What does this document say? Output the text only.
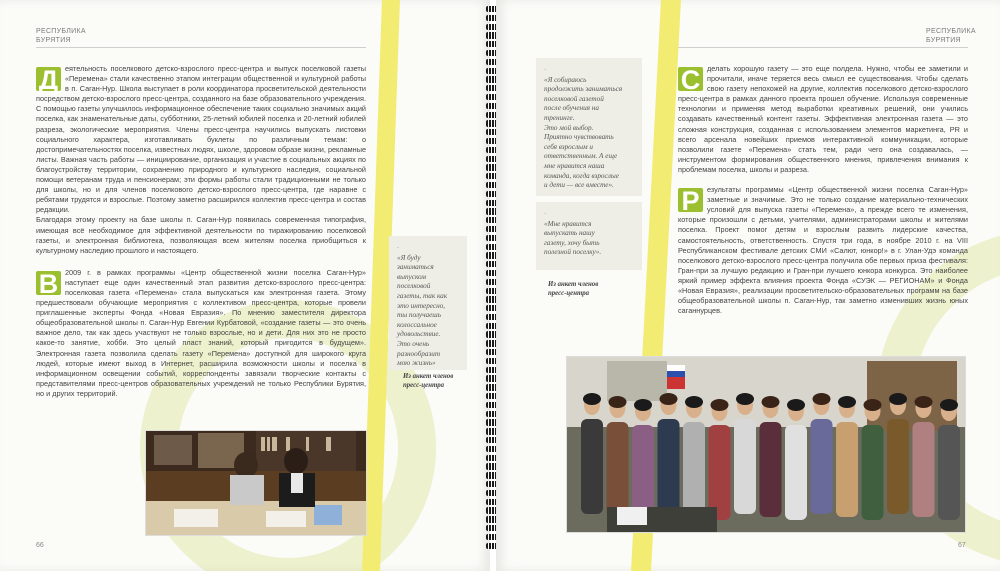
РЕСПУБЛИКА
БУРЯТИЯ

Д еятельность поселкового детско-взрослого пресс-центра и выпуск поселковой газеты «Перемена» стали качественно этапом интеграции общественной и культурной работы в п. Саган-Нур. Школа выступает в роли координатора просветительской деятельности посредством детско-взрослого пресс-центра, созданного на базе образовательного учреждения. С помощью газеты улучшилось информационное обеспечение таких социально значимых акций поселка, как знаменательные даты, субботники, 25-летний юбилей поселка и 20-летний юбилей разреза, экологические мероприятия. Члены пресс-центра научились выпускать листовки социального характера, изготавливать буклеты по различным темам: о достопримечательностях поселка, известных людях, школе, здоровом образе жизни, рекламные листы. Важная часть работы — инициирование, организация и участие в социальных акциях по благоустройству территории, сохранению природного и культурного наследия, социальной помощи ветеранам труда и пенсионерам; эти формы работы стали традиционными не только для школы, но и для членов поселкового детско-взрослого пресс-центра, где наравне с ребятами трудятся и взрослые. Поэтому заметно расширился коллектив пресс-центра и состав редакции.

Благодаря этому проекту на базе школы п. Саган-Нур появилась современная типография, имеющая всё необходимое для эффективной деятельности по тиражированию поселковой газеты, и электронная библиотека, позволяющая всем жителям поселка приобщиться к культурному наследию прошлого и настоящего.

В 2009 г. в рамках программы «Центр общественной жизни поселка Саган-Нур» наступает еще один качественный этап развития детско-взрослого пресс-центра: поселковая газета «Перемена» стала выпускаться как электронная газета. Этому предшествовали обучающие мероприятия с коллективом пресс-центра, которые провели приглашенные эксперты Фонда «Новая Евразия». По мнению заместителя директора общеобразовательной школы п. Саган-Нур Евгении Курбатовой, «создание газеты — это очень важное дело, так как здесь участвуют не только взрослые, но и дети. Для них это не просто какое-то занятие, хобби. Это целый пласт знаний, который пригодится в будущем». Электронная газета позволила сделать газету «Перемена» доступной для широкого круга людей, которые имеют выход в Интернет, расширила возможности школы и поселка в информационном освещении событий, корреспонденты завязали творческие контакты с представителями пресс-центров образовательных учреждений не только Республики Бурятия, но и других территорий.

·
«Я буду
заниматься
выпуском
поселковой
газеты, так как
это интересно,
ты получаешь
колоссальное
удовольствие.
Это очень
разнообразит
мою жизнь»
Из анкет членов
пресс-центра
66
РЕСПУБЛИКА
БУРЯТИЯ
·
«Я собираюсь
продолжить заниматься
поселковой газетой
после обучения на
тренинге.
Это мой выбор.
Приятно чувствовать
себя взрослым и
ответственным. А еще
мне нравится наша
команда, когда взрослые
и дети — все вместе».
·
«Мне нравится
выпускать нашу
газету, хочу быть
полезной поселку».
Из анкет членов
пресс-центра

С делать хорошую газету — это еще полдела. Нужно, чтобы ее заметили и прочитали, иначе теряется весь смысл ее существования. Чтобы сделать свою газету непохожей на другие, коллектив поселкового детско-взрослого пресс-центра в рамках данного проекта прошел обучение. Используя современные технологии и применяя метод выработки креативных решений, они учились создавать качественный контент газеты. Эффективная электронная газета — это сложная конструкция, созданная с использованием элементов маркетинга, PR и всего арсенала новейших приемов интерактивной коммуникации, которые позволили газете «Перемена» стать тем, ради чего она создавалась, — инструментом формирования общественного мнения, привлечения внимания к проблемам поселка, школы и разреза.

Р	езультаты программы «Центр общественной жизни поселка Саган-Нур» заметные и значимые. Это не только создание материально-технических условий для выпуска газеты «Перемена», а прежде всего те изменения, которые произошли с детьми, учителями, администраторами школы и жителями поселка. Проект помог детям и взрослым развить лидерские качества, самостоятельность, ответственность. Спустя три года, в ноябре 2010 г. на VIII Республиканском фестивале детских СМИ «Салют, юнкор!» в г. Улан-Удэ команда поселкового детско-взрослого пресс-центра получила обе первых приза фестиваля: Гран-при за лучшую редакцию и Гран-при лучшего юнкора конкурса. Это наиболее яркий пример эффекта влияния проекта Фонда «СУЭК — РЕГИОНАМ» и Фонда «Новая Евразия», реализации просветительско-образовательных программ на базе общеобразовательной школы п. Саган-Нур, так заметно изменивших жизнь юных саганнурцев.

67
